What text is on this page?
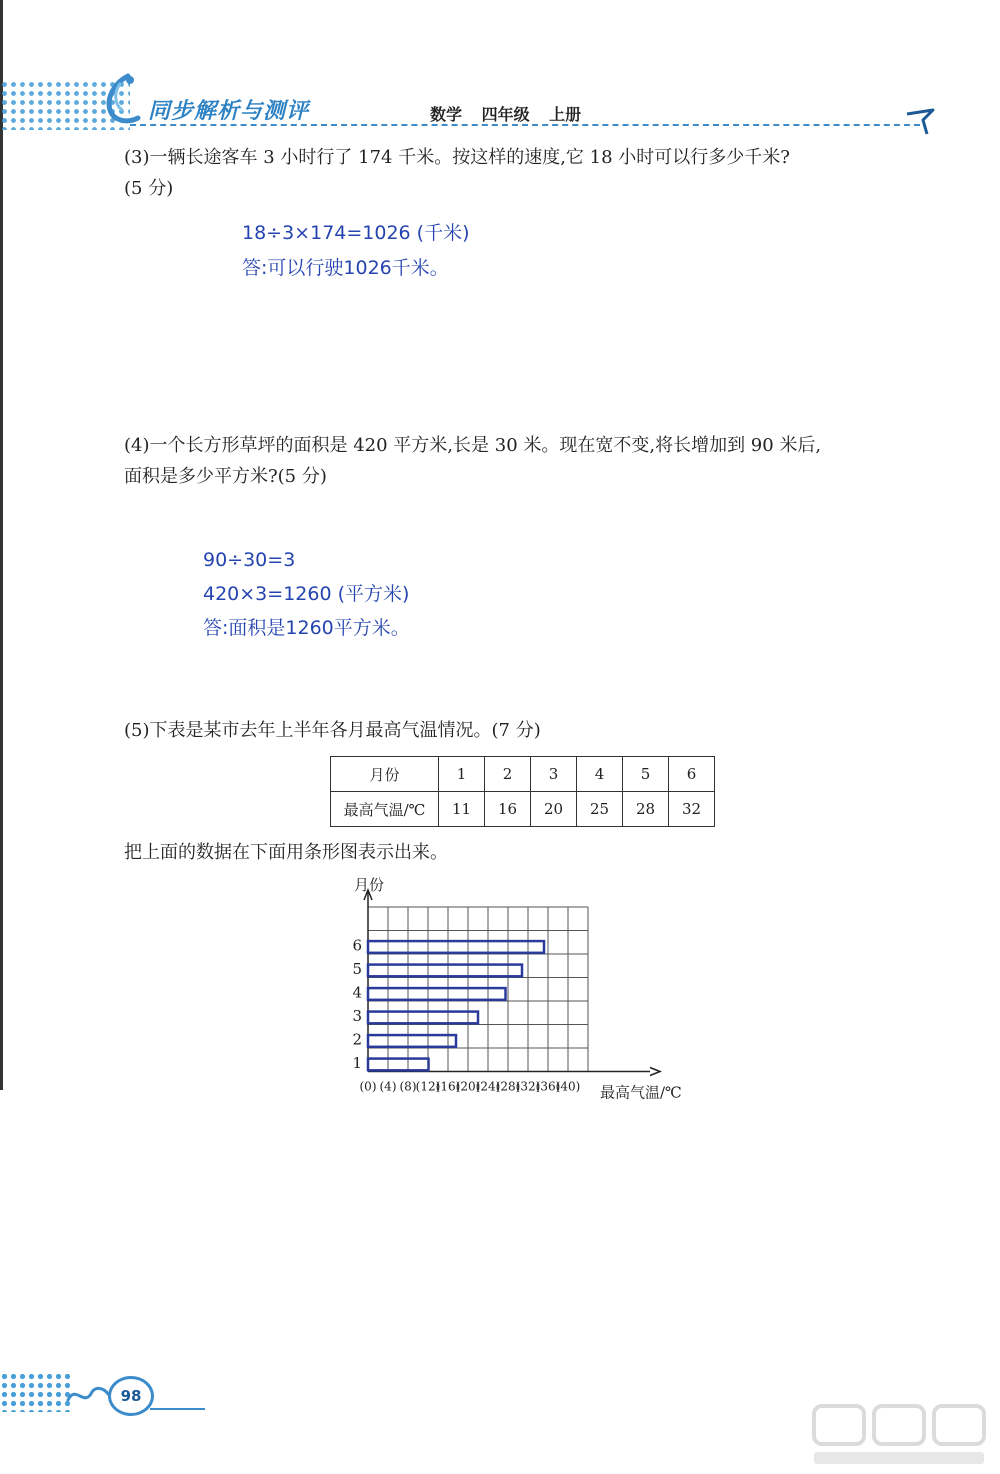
同步解析与测评	数学 四年级 上册
(3)一辆长途客车 3 小时行了 174 千米。按这样的速度,它 18 小时可以行多少千米?
(5 分)
18÷3×174=1026 (千米)
答:可以行驶1026千米。
(4)一个长方形草坪的面积是 420 平方米,长是 30 米。现在宽不变,将长增加到 90 米后,
面积是多少平方米?(5 分)
90÷30=3
420×3=1260 (平方米)
答:面积是1260平方米。
(5)下表是某市去年上半年各月最高气温情况。(7 分)
月份	1	2	3	4	5	6
最高气温/℃	11	16	20	25	28	32
把上面的数据在下面用条形图表示出来。
月份
最高气温/℃
(0) (4) (8) (12)
(16)
(20)
(24)
(28)
(32)
(36)
(40)
1
2
3
4
5
6
98
